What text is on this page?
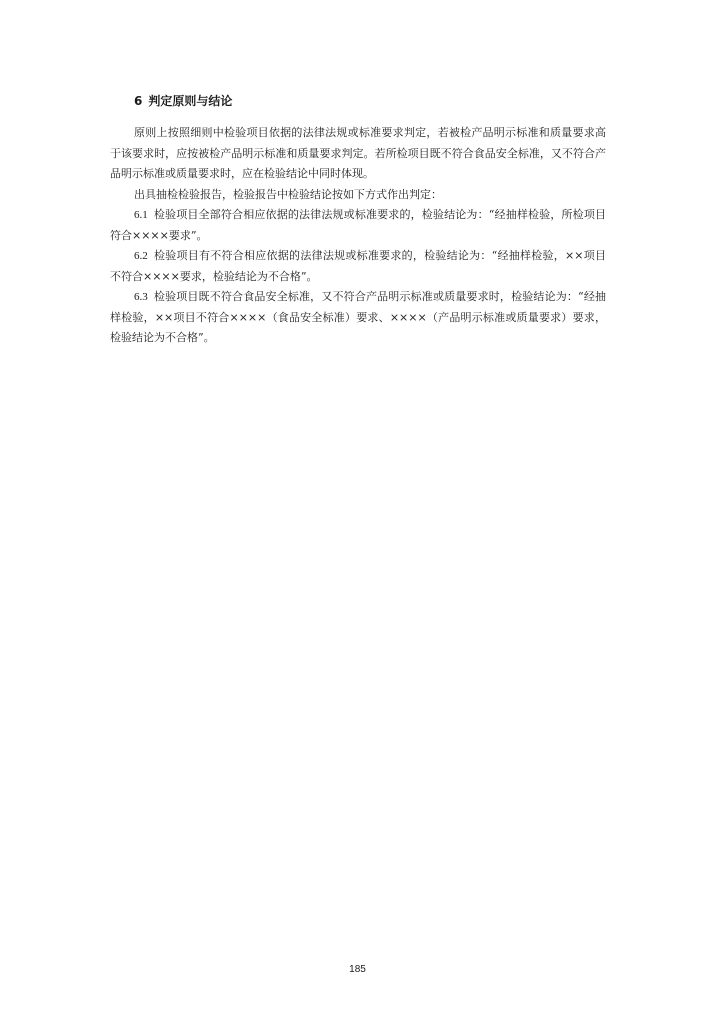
6 判定原则与结论

原则上按照细则中检验项目依据的法律法规或标准要求判定，若被检产品明示标准和质量要求高于该要求时，应按被检产品明示标准和质量要求判定。若所检项目既不符合食品安全标准，又不符合产品明示标准或质量要求时，应在检验结论中同时体现。

出具抽检检验报告，检验报告中检验结论按如下方式作出判定：

6.1 检验项目全部符合相应依据的法律法规或标准要求的，检验结论为：“经抽样检验，所检项目符合××××要求”。

6.2 检验项目有不符合相应依据的法律法规或标准要求的，检验结论为：“经抽样检验，××项目不符合××××要求，检验结论为不合格”。

6.3 检验项目既不符合食品安全标准，又不符合产品明示标准或质量要求时，检验结论为：“经抽样检验，××项目不符合××××（食品安全标准）要求、××××（产品明示标准或质量要求）要求，检验结论为不合格”。

185
